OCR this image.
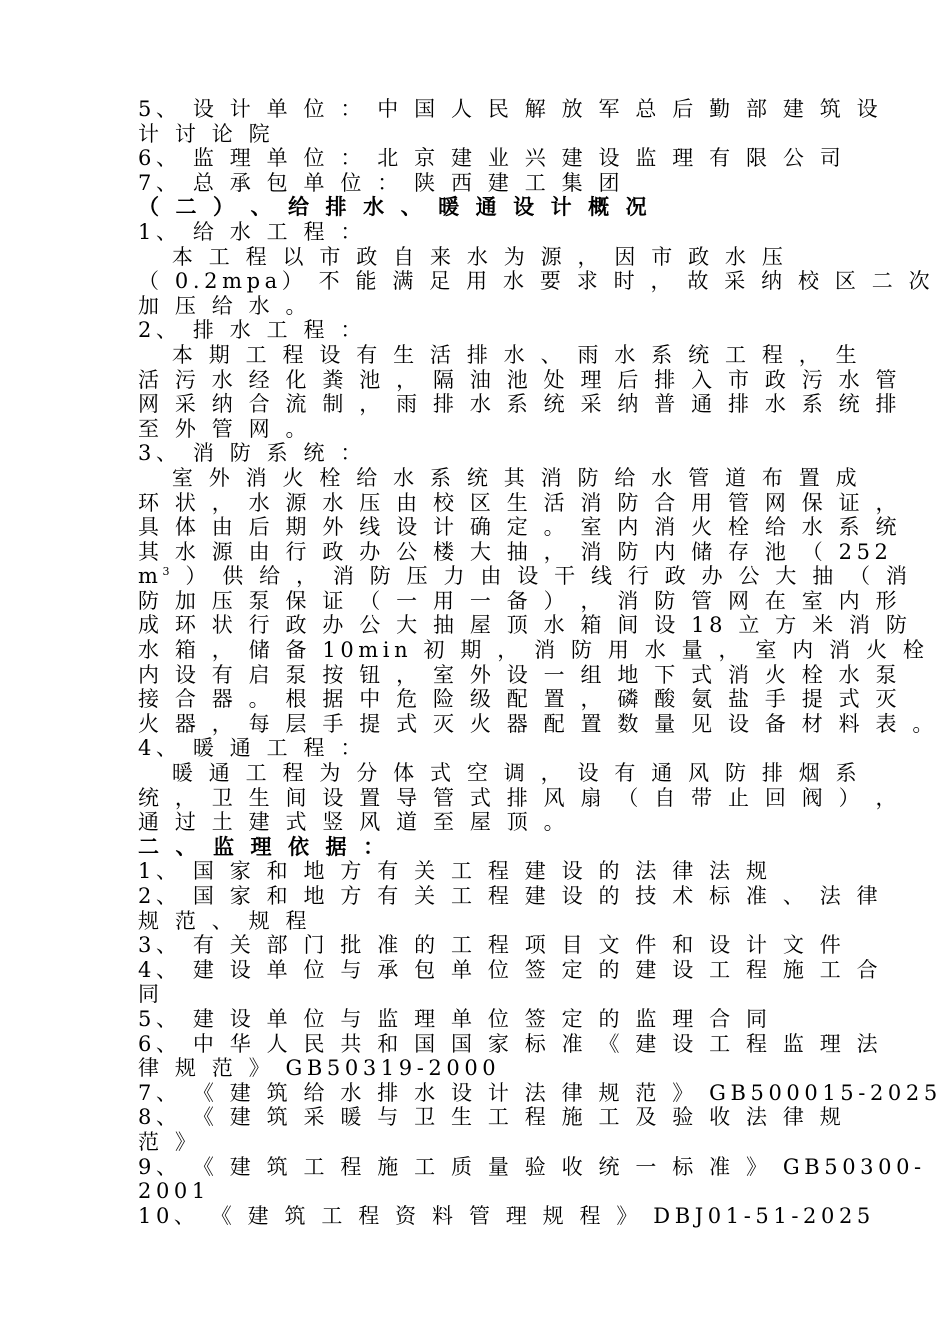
5、 设 计 单 位 ： 中 国 人 民 解 放 军 总 后 勤 部 建 筑 设
计 讨 论 院
6、 监 理 单 位 ： 北 京 建 业 兴 建 设 监 理 有 限 公 司
7、 总 承 包 单 位 ： 陕 西 建 工 集 团
（ 二 ） 、 给 排 水 、 暖 通 设 计 概 况
1、 给 水 工 程 ：
本 工 程 以 市 政 自 来 水 为 源 ， 因 市 政 水 压
（ 0.2mpa） 不 能 满 足 用 水 要 求 时 ， 故 采 纳 校 区 二 次
加 压 给 水 。
2、 排 水 工 程 ：
本 期 工 程 设 有 生 活 排 水 、 雨 水 系 统 工 程 ， 生
活 污 水 经 化 粪 池 ， 隔 油 池 处 理 后 排 入 市 政 污 水 管
网 采 纳 合 流 制 ， 雨 排 水 系 统 采 纳 普 通 排 水 系 统 排
至 外 管 网 。
3、 消 防 系 统 ：
室 外 消 火 栓 给 水 系 统 其 消 防 给 水 管 道 布 置 成
环 状 ， 水 源 水 压 由 校 区 生 活 消 防 合 用 管 网 保 证 ，
具 体 由 后 期 外 线 设 计 确 定 。 室 内 消 火 栓 给 水 系 统
其 水 源 由 行 政 办 公 楼 大 抽 ， 消 防 内 储 存 池 （ 252
$m^3$ ） 供 给 ， 消 防 压 力 由 设 干 线 行 政 办 公 大 抽 （ 消
防 加 压 泵 保 证 （ 一 用 一 备 ） ， 消 防 管 网 在 室 内 形
成 环 状 行 政 办 公 大 抽 屋 顶 水 箱 间 设 18 立 方 米 消 防
水 箱 ， 储 备 10min 初 期 ， 消 防 用 水 量 ， 室 内 消 火 栓
内 设 有 启 泵 按 钮 ， 室 外 设 一 组 地 下 式 消 火 栓 水 泵
接 合 器 。 根 据 中 危 险 级 配 置 ， 磷 酸 氨 盐 手 提 式 灭
火 器 ， 每 层 手 提 式 灭 火 器 配 置 数 量 见 设 备 材 料 表 。
4、 暖 通 工 程 ：
暖 通 工 程 为 分 体 式 空 调 ， 设 有 通 风 防 排 烟 系
统 ， 卫 生 间 设 置 导 管 式 排 风 扇 （ 自 带 止 回 阀 ） ，
通 过 土 建 式 竖 风 道 至 屋 顶 。
二 、 监 理 依 据 ：
1、 国 家 和 地 方 有 关 工 程 建 设 的 法 律 法 规
2、 国 家 和 地 方 有 关 工 程 建 设 的 技 术 标 准 、 法 律
规 范 、 规 程
3、 有 关 部 门 批 准 的 工 程 项 目 文 件 和 设 计 文 件
4、 建 设 单 位 与 承 包 单 位 签 定 的 建 设 工 程 施 工 合
同
5、 建 设 单 位 与 监 理 单 位 签 定 的 监 理 合 同
6、 中 华 人 民 共 和 国 国 家 标 准 《 建 设 工 程 监 理 法
律 规 范 》 GB50319-2000
7、 《 建 筑 给 水 排 水 设 计 法 律 规 范 》 GB500015-2025
8、 《 建 筑 采 暖 与 卫 生 工 程 施 工 及 验 收 法 律 规
范 》
9、 《 建 筑 工 程 施 工 质 量 验 收 统 一 标 准 》 GB50300-
2001
10、 《 建 筑 工 程 资 料 管 理 规 程 》 DBJ01-51-2025
